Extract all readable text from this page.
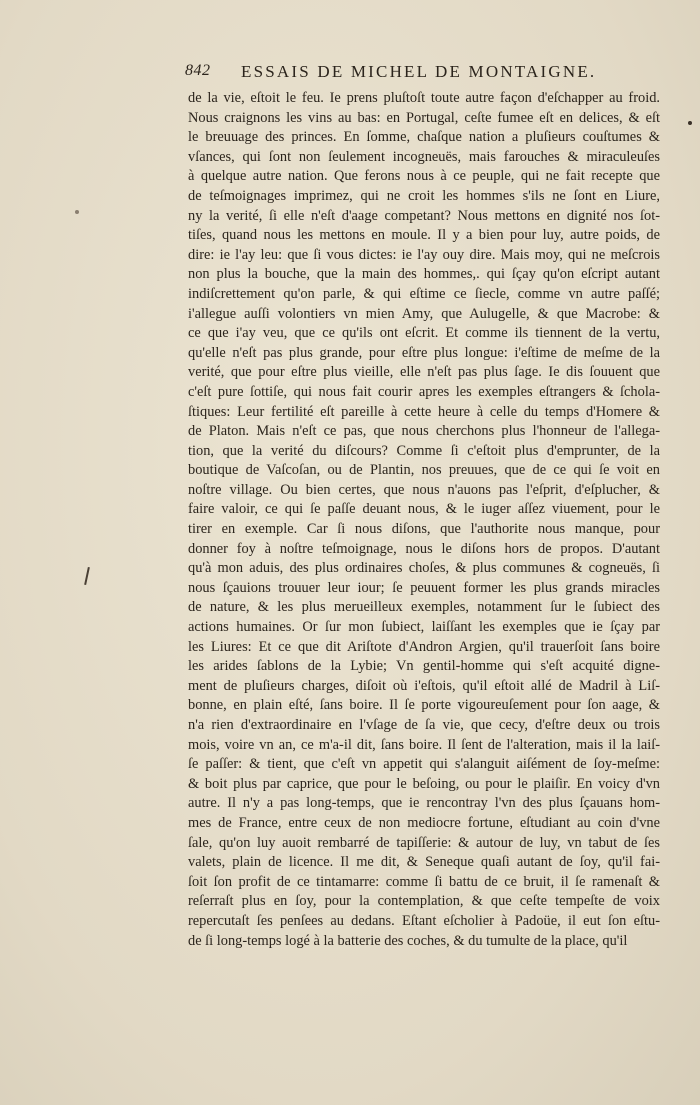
842 ESSAIS DE MICHEL DE MONTAIGNE.
de la vie, eſtoit le feu. Ie prens pluſtoſt toute autre façon d'eſchapper au froid.
Nous craignons les vins au bas: en Portugal, ceſte fumee eſt en delices, & eſt
le breuuage des princes. En ſomme, chaſque nation a pluſieurs couſtumes &
vſances, qui ſont non ſeulement incogneuës, mais farouches & miraculeuſes
à quelque autre nation. Que ferons nous à ce peuple, qui ne fait recepte que
de teſmoignages imprimez, qui ne croit les hommes s'ils ne ſont en Liure,
ny la verité, ſi elle n'eſt d'aage competant? Nous mettons en dignité nos ſot-
tiſes, quand nous les mettons en moule. Il y a bien pour luy, autre poids, de
dire: ie l'ay leu: que ſi vous dictes: ie l'ay ouy dire. Mais moy, qui ne meſcrois
non plus la bouche, que la main des hommes,. qui ſçay qu'on eſcript autant
indiſcrettement qu'on parle, & qui eſtime ce ſiecle, comme vn autre paſſé;
i'allegue auſſi volontiers vn mien Amy, que Aulugelle, & que Macrobe: &
ce que i'ay veu, que ce qu'ils ont eſcrit. Et comme ils tiennent de la vertu,
qu'elle n'eſt pas plus grande, pour eſtre plus longue: i'eſtime de meſme de la
verité, que pour eſtre plus vieille, elle n'eſt pas plus ſage. Ie dis ſouuent que
c'eſt pure ſottiſe, qui nous fait courir apres les exemples eſtrangers & ſchola-
ſtiques: Leur fertilité eſt pareille à cette heure à celle du temps d'Homere &
de Platon. Mais n'eſt ce pas, que nous cherchons plus l'honneur de l'allega-
tion, que la verité du diſcours? Comme ſi c'eſtoit plus d'emprunter, de la
boutique de Vaſcoſan, ou de Plantin, nos preuues, que de ce qui ſe voit en
noſtre village. Ou bien certes, que nous n'auons pas l'eſprit, d'eſplucher, &
faire valoir, ce qui ſe paſſe deuant nous, & le iuger aſſez viuement, pour le
tirer en exemple. Car ſi nous diſons, que l'authorite nous manque, pour
donner foy à noſtre teſmoignage, nous le diſons hors de propos. D'autant
qu'à mon aduis, des plus ordinaires choſes, & plus communes & cogneuës, ſi
nous ſçauions trouuer leur iour; ſe peuuent former les plus grands miracles
de nature, & les plus merueilleux exemples, notamment ſur le ſubiect des
actions humaines. Or ſur mon ſubiect, laiſſant les exemples que ie ſçay par
les Liures: Et ce que dit Ariſtote d'Andron Argien, qu'il trauerſoit ſans boire
les arides ſablons de la Lybie; Vn gentil-homme qui s'eſt acquité digne-
ment de pluſieurs charges, diſoit où i'eſtois, qu'il eſtoit allé de Madril à Liſ-
bonne, en plain eſté, ſans boire. Il ſe porte vigoureuſement pour ſon aage, &
n'a rien d'extraordinaire en l'vſage de ſa vie, que cecy, d'eſtre deux ou trois
mois, voire vn an, ce m'a-il dit, ſans boire. Il ſent de l'alteration, mais il la laiſ-
ſe paſſer: & tient, que c'eſt vn appetit qui s'alanguit aiſément de ſoy-meſme:
& boit plus par caprice, que pour le beſoing, ou pour le plaiſir. En voicy d'vn
autre. Il n'y a pas long-temps, que ie rencontray l'vn des plus ſçauans hom-
mes de France, entre ceux de non mediocre fortune, eſtudiant au coin d'vne
ſale, qu'on luy auoit rembarré de tapiſſerie: & autour de luy, vn tabut de ſes
valets, plain de licence. Il me dit, & Seneque quaſi autant de ſoy, qu'il fai-
ſoit ſon profit de ce tintamarre: comme ſi battu de ce bruit, il ſe ramenaſt &
reſerraſt plus en ſoy, pour la contemplation, & que ceſte tempeſte de voix
repercutaſt ſes penſees au dedans. Eſtant eſcholier à Padoüe, il eut ſon eſtu-
de ſi long-temps logé à la batterie des coches, & du tumulte de la place, qu'il
